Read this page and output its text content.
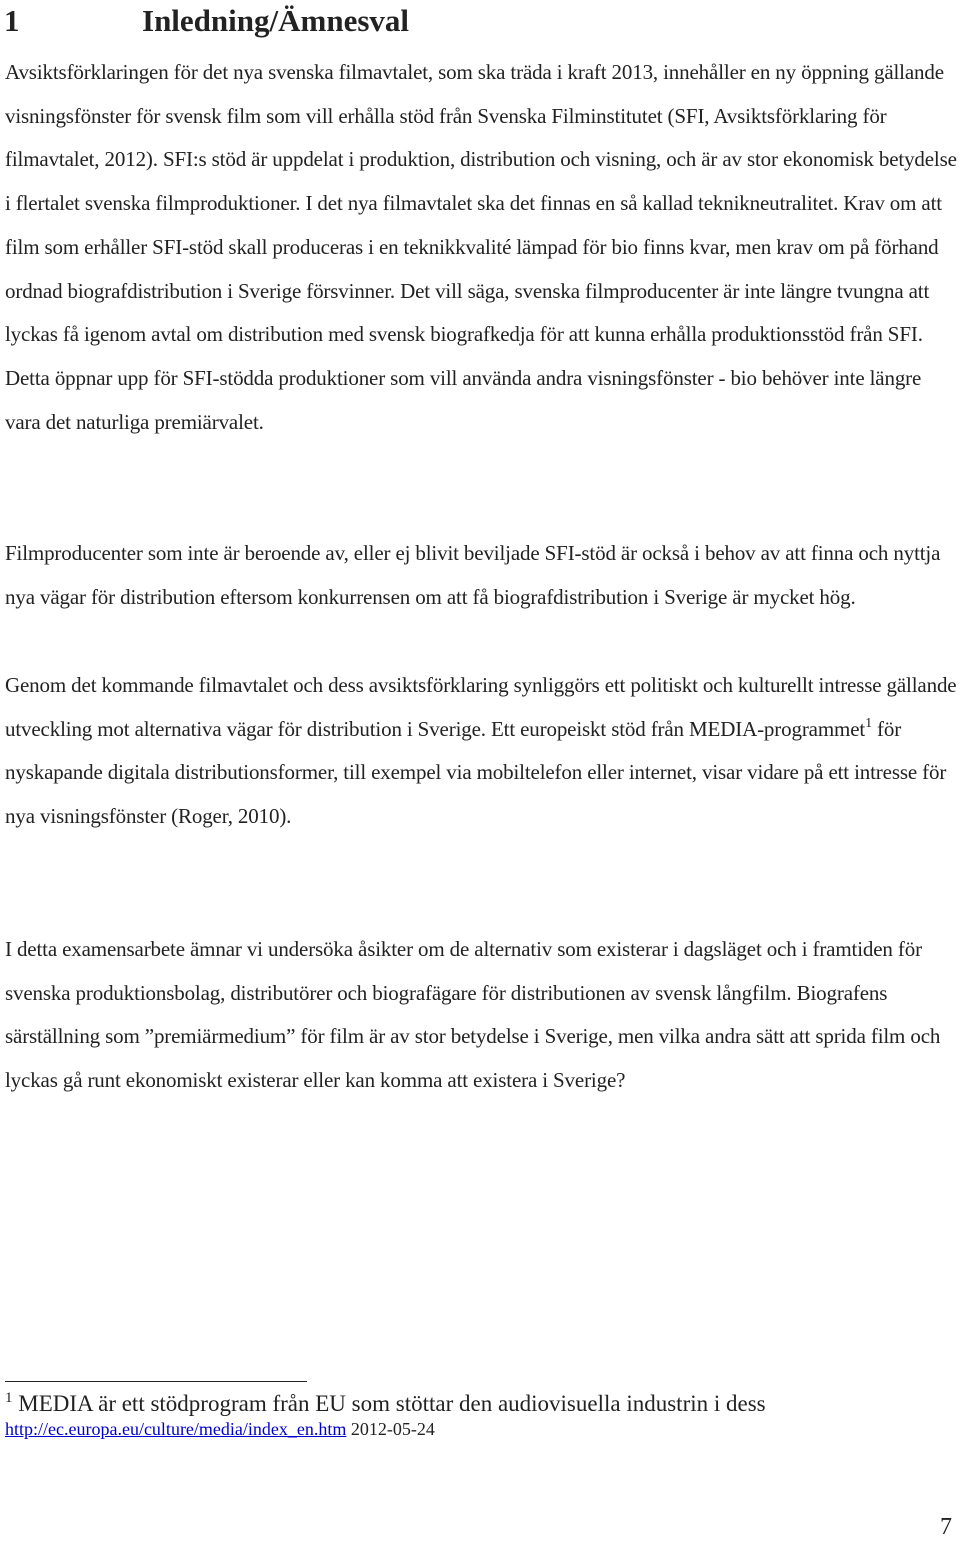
1	Inledning/Ämnesval

Avsiktsförklaringen för det nya svenska filmavtalet, som ska träda i kraft 2013, innehåller en ny öppning gällande visningsfönster för svensk film som vill erhålla stöd från Svenska Filminstitutet (SFI, Avsiktsförklaring för filmavtalet, 2012). SFI:s stöd är uppdelat i produktion, distribution och visning, och är av stor ekonomisk betydelse i flertalet svenska filmproduktioner. I det nya filmavtalet ska det finnas en så kallad teknikneutralitet. Krav om att film som erhåller SFI-stöd skall produceras i en teknikkvalité lämpad för bio finns kvar, men krav om på förhand ordnad biografdistribution i Sverige försvinner. Det vill säga, svenska filmproducenter är inte längre tvungna att lyckas få igenom avtal om distribution med svensk biografkedja för att kunna erhålla produktionsstöd från SFI. Detta öppnar upp för SFI-stödda produktioner som vill använda andra visningsfönster - bio behöver inte längre vara det naturliga premiärvalet.

Filmproducenter som inte är beroende av, eller ej blivit beviljade SFI-stöd är också i behov av att finna och nyttja nya vägar för distribution eftersom konkurrensen om att få biografdistribution i Sverige är mycket hög.

Genom det kommande filmavtalet och dess avsiktsförklaring synliggörs ett politiskt och kulturellt intresse gällande utveckling mot alternativa vägar för distribution i Sverige. Ett europeiskt stöd från MEDIA-programmet$^1$ för nyskapande digitala distributionsformer, till exempel via mobiltelefon eller internet, visar vidare på ett intresse för nya visningsfönster (Roger, 2010).

I detta examensarbete ämnar vi undersöka åsikter om de alternativ som existerar i dagsläget och i framtiden för svenska produktionsbolag, distributörer och biografägare för distributionen av svensk långfilm. Biografens särställning som ”premiärmedium” för film är av stor betydelse i Sverige, men vilka andra sätt att sprida film och lyckas gå runt ekonomiskt existerar eller kan komma att existera i Sverige?

$^1$ MEDIA är ett stödprogram från EU som stöttar den audiovisuella industrin i dess
http://ec.europa.eu/culture/media/index_en.htm 2012-05-24
7
